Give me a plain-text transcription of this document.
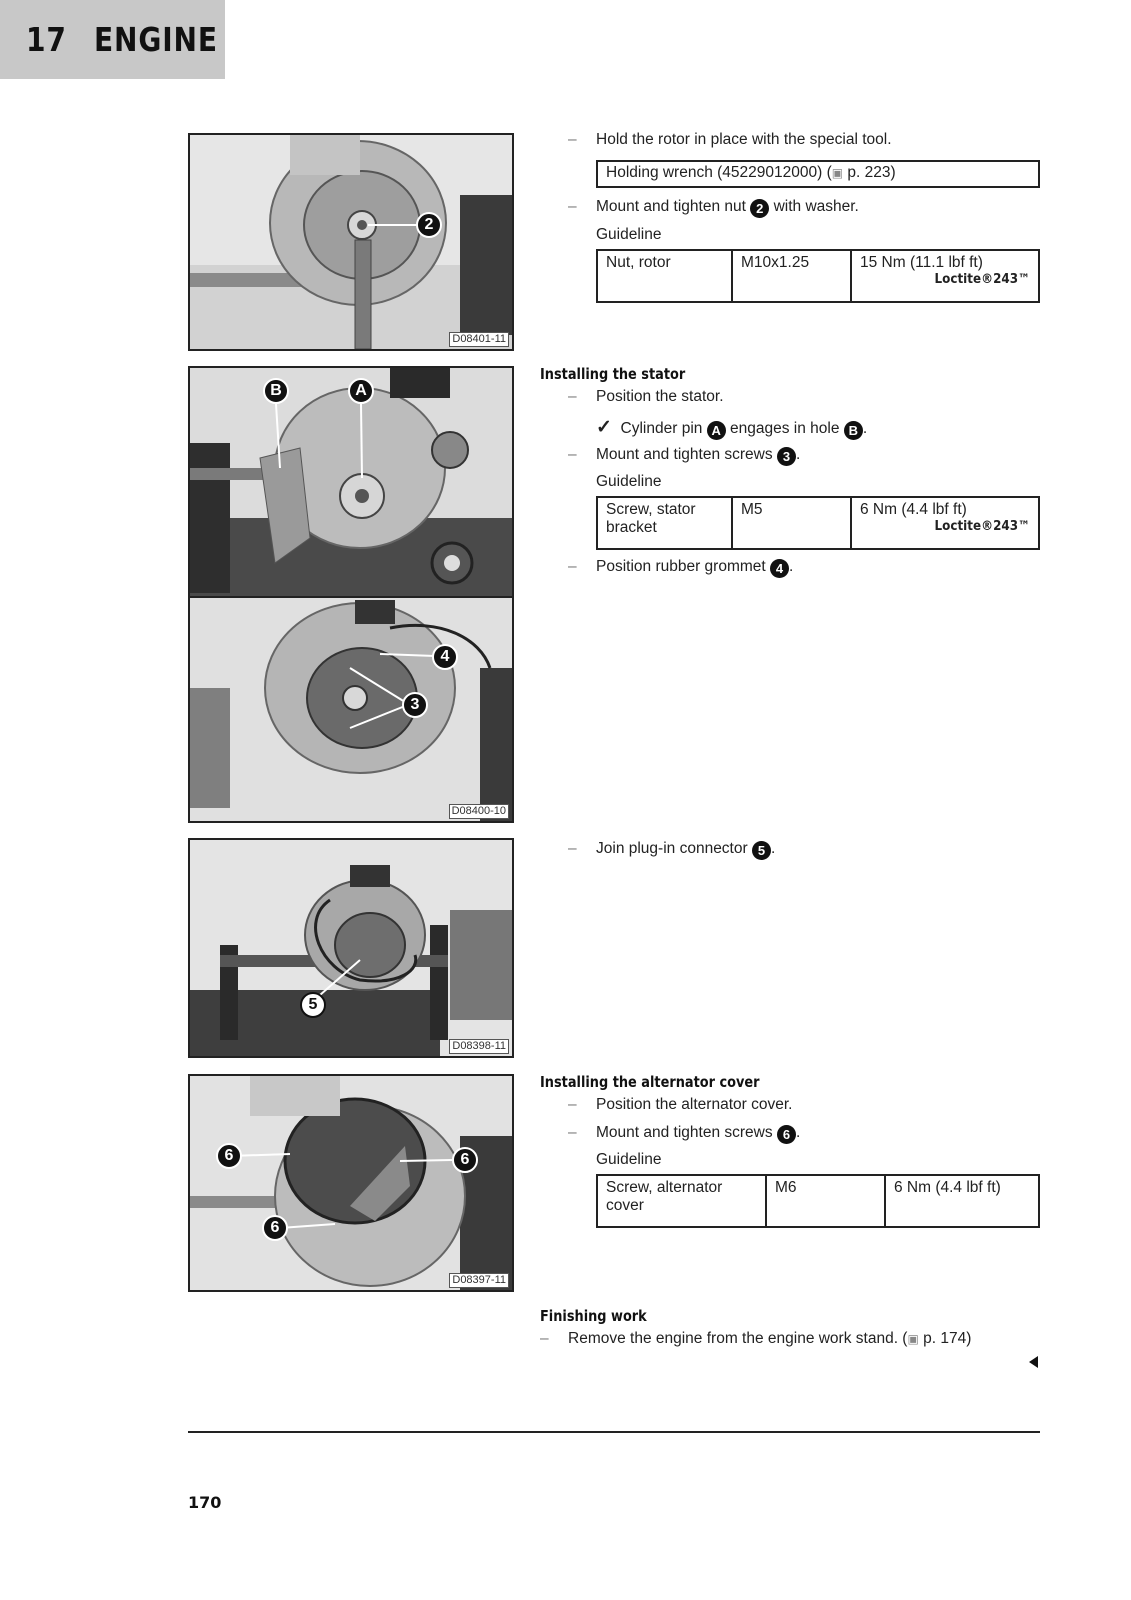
17 ENGINE
2
D08401-11
B	A
4
3
D08400-10
5
D08398-11
6	6
6
D08397-11
– Hold the rotor in place with the special tool.
Holding wrench (45229012000) (▣ p. 223)
– Mount and tighten nut 2 with washer.
Guideline
Nut, rotor	M10x1.25	15 Nm (11.1 lbf ft)
Loctite®243™
Installing the stator
– Position the stator.
✓ Cylinder pin A engages in hole B .
– Mount and tighten screws 3 .
Guideline
Screw, stator bracket	M5	6 Nm (4.4 lbf ft)
Loctite®243™
– Position rubber grommet 4 .
– Join plug-in connector 5 .
Installing the alternator cover
– Position the alternator cover.
– Mount and tighten screws 6 .
Guideline
Screw, alternator cover	M6	6 Nm (4.4 lbf ft)
Finishing work
– Remove the engine from the engine work stand. (▣ p. 174)
170
